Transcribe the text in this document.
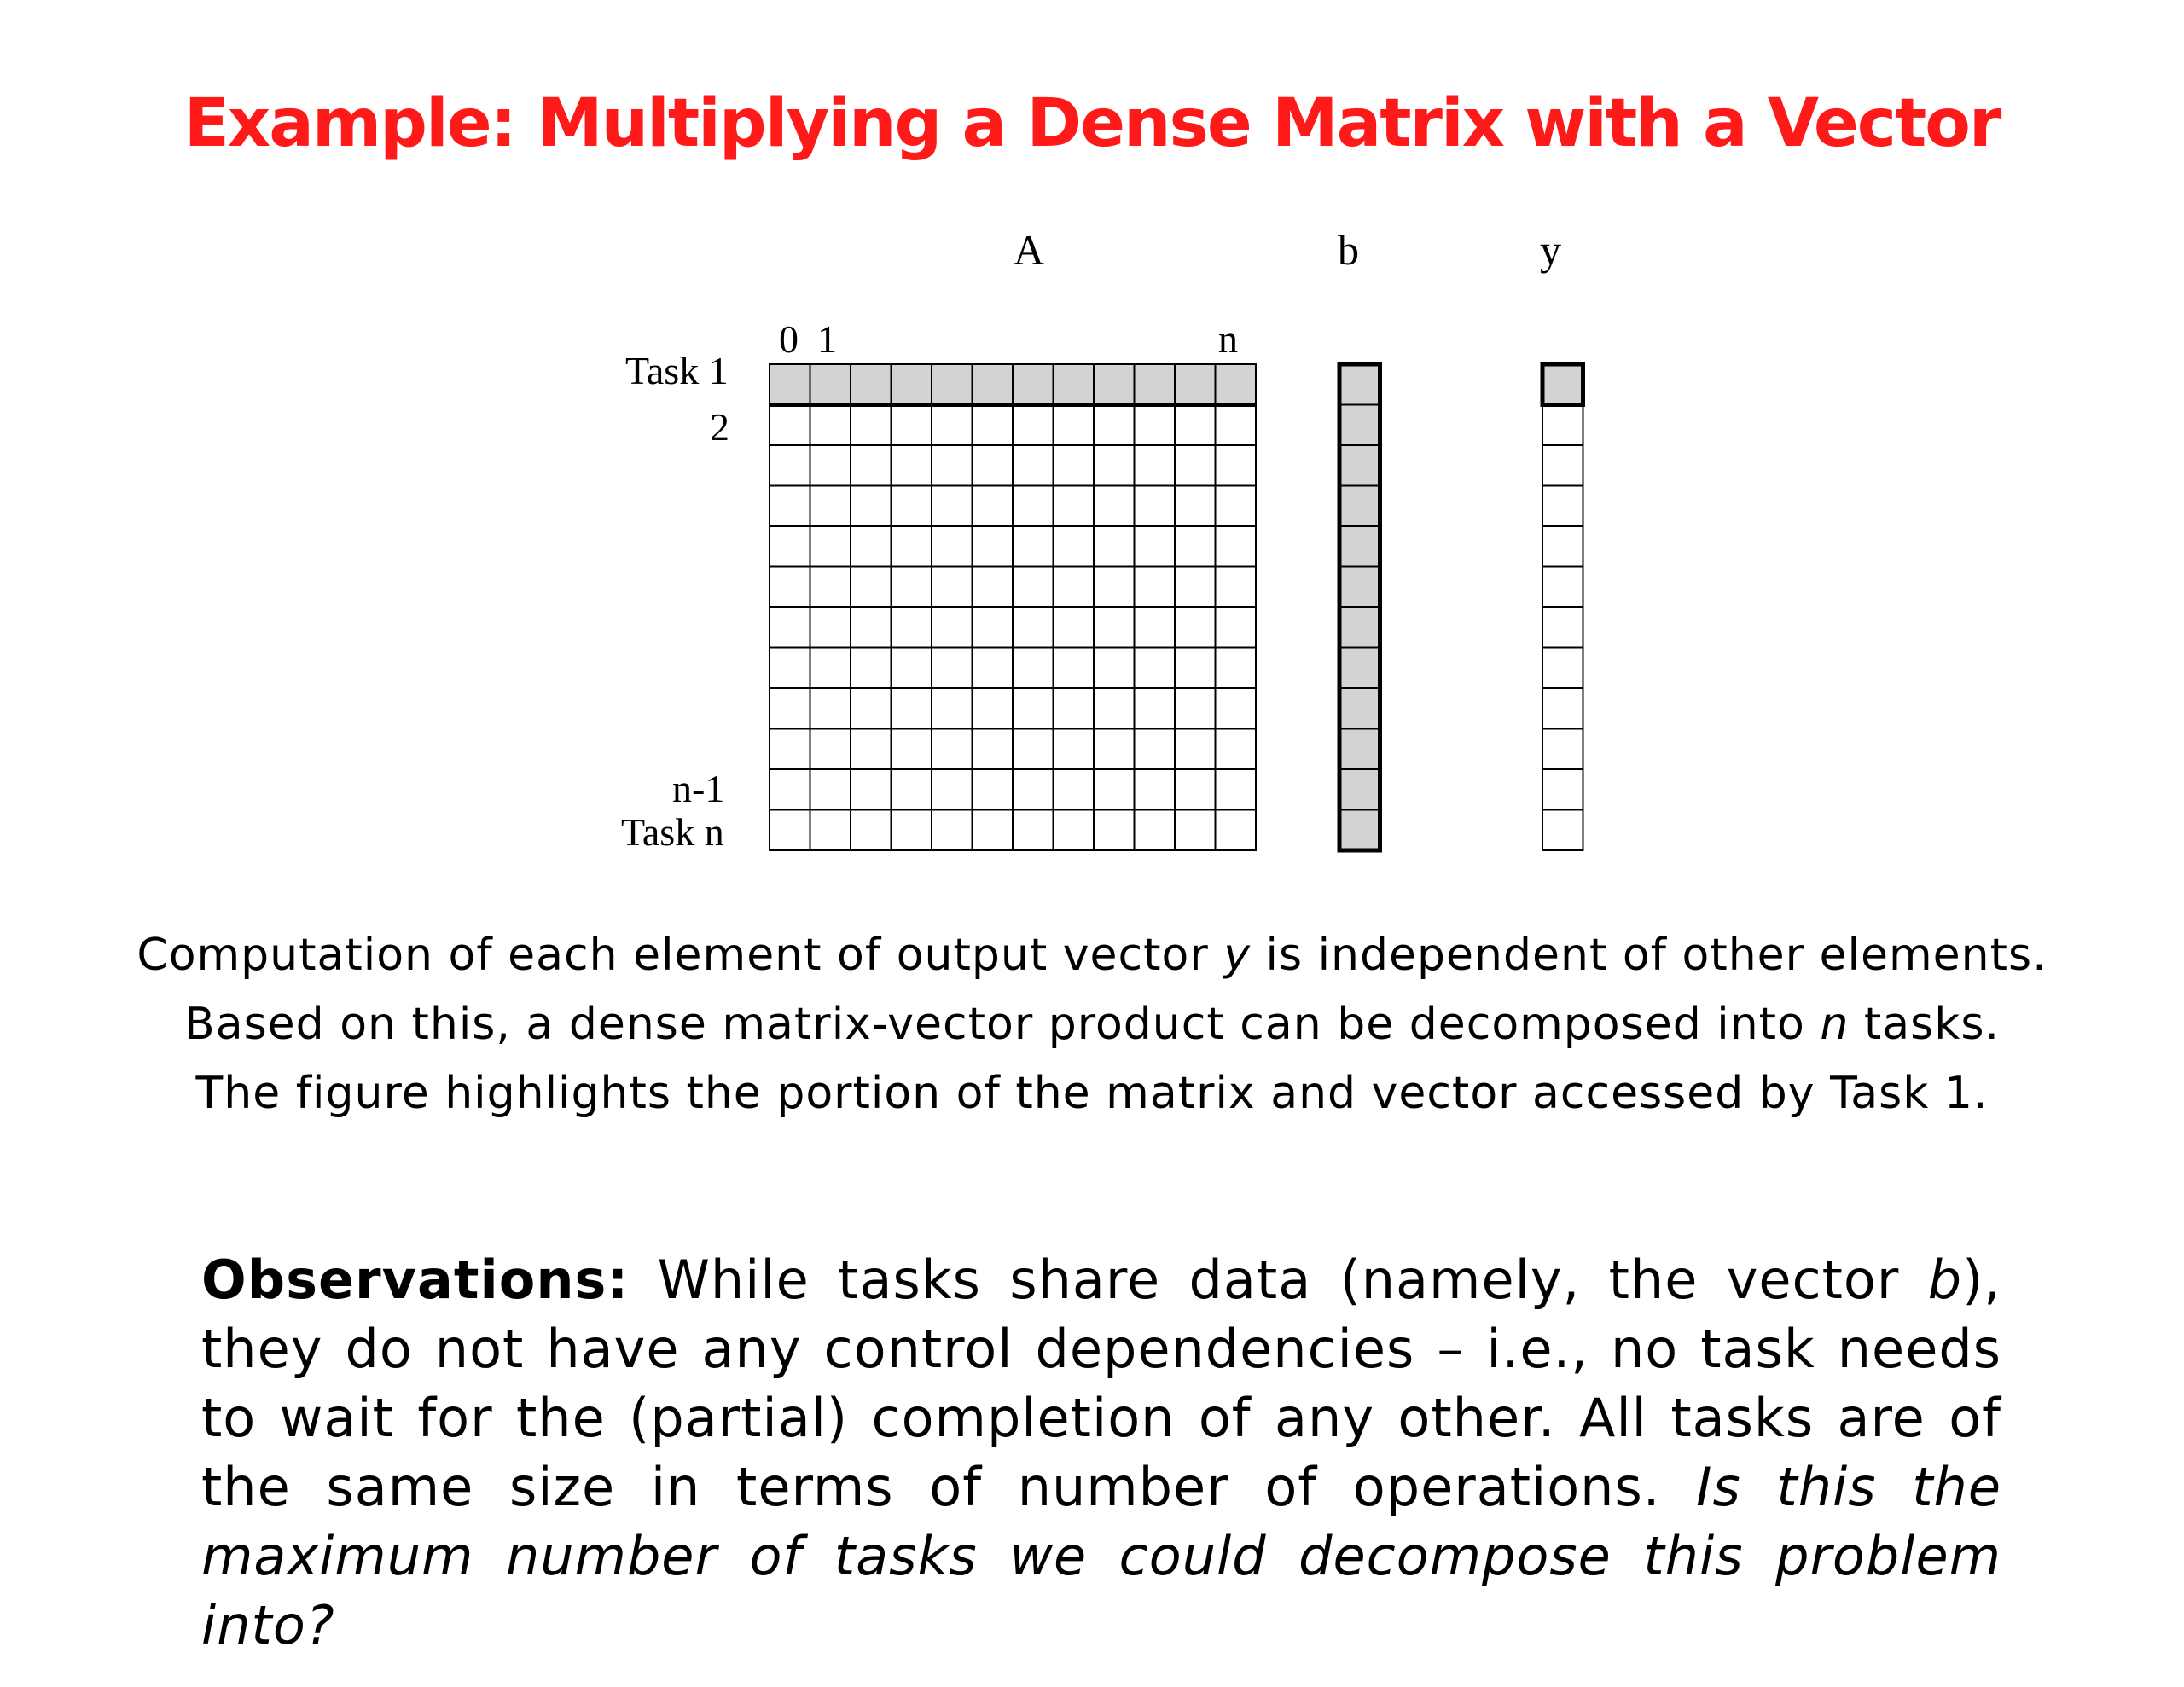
Example: Multiplying a Dense Matrix with a Vector
A	b	y
0 1	n
Task 1
2
n-1
Task n
Computation of each element of output vector y is independent of other elements. Based on this, a dense matrix-vector product can be decomposed into n tasks. The figure highlights the portion of the matrix and vector accessed by Task 1.
Observations: While tasks share data (namely, the vector b), they do not have any control dependencies – i.e., no task needs to wait for the (partial) completion of any other. All tasks are of the same size in terms of number of operations. Is this the maximum number of tasks we could decompose this problem into?
